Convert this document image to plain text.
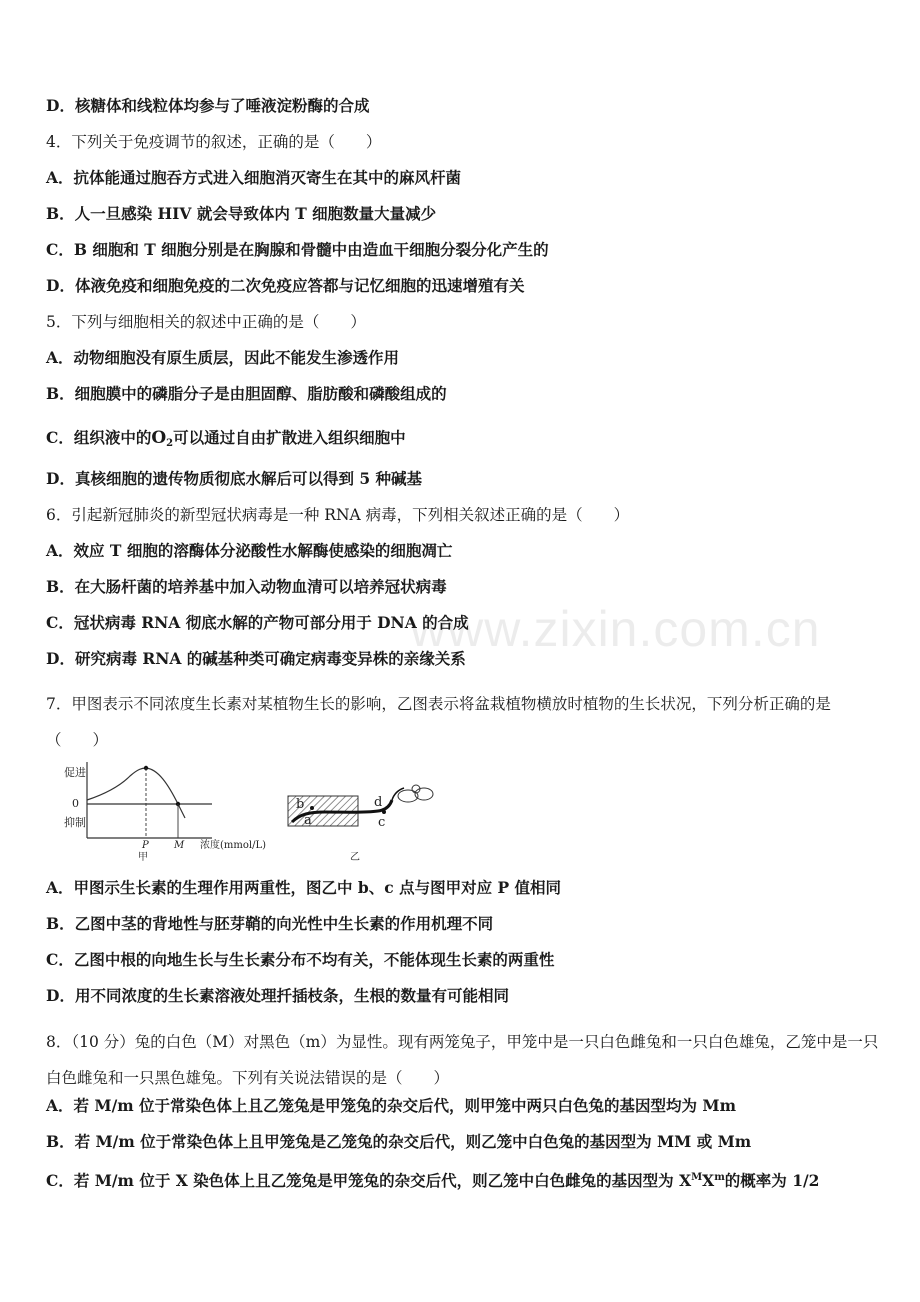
D．核糖体和线粒体均参与了唾液淀粉酶的合成
4．下列关于免疫调节的叙述，正确的是（　　）
A．抗体能通过胞吞方式进入细胞消灭寄生在其中的麻风杆菌
B．人一旦感染 HIV 就会导致体内 T 细胞数量大量减少
C．B 细胞和 T 细胞分别是在胸腺和骨髓中由造血干细胞分裂分化产生的
D．体液免疫和细胞免疫的二次免疫应答都与记忆细胞的迅速增殖有关
5．下列与细胞相关的叙述中正确的是（　　）
A．动物细胞没有原生质层，因此不能发生渗透作用
B．细胞膜中的磷脂分子是由胆固醇、脂肪酸和磷酸组成的
D．真核细胞的遗传物质彻底水解后可以得到 5 种碱基
6．引起新冠肺炎的新型冠状病毒是一种 RNA 病毒，下列相关叙述正确的是（　　）
A．效应 T 细胞的溶酶体分泌酸性水解酶使感染的细胞凋亡
B．在大肠杆菌的培养基中加入动物血清可以培养冠状病毒
C．冠状病毒 RNA 彻底水解的产物可部分用于 DNA 的合成
D．研究病毒 RNA 的碱基种类可确定病毒变异株的亲缘关系
A．甲图示生长素的生理作用两重性，图乙中 b、c 点与图甲对应 P 值相同
B．乙图中茎的背地性与胚芽鞘的向光性中生长素的作用机理不同
C．乙图中根的向地生长与生长素分布不均有关，不能体现生长素的两重性
D．用不同浓度的生长素溶液处理扦插枝条，生根的数量有可能相同
A．若 M/m 位于常染色体上且乙笼兔是甲笼兔的杂交后代，则甲笼中两只白色兔的基因型均为 Mm
B．若 M/m 位于常染色体上且甲笼兔是乙笼兔的杂交后代，则乙笼中白色兔的基因型为 MM 或 Mm
C．组织液中的$O_2$可以通过自由扩散进入组织细胞中
7．甲图表示不同浓度生长素对某植物生长的影响，乙图表示将盆栽植物横放时植物的生长状况，下列分析正确的是（　　）
促进
0
抑制
P	M 浓度(mmol/L)
甲
b
a	c
d
乙
8．（10 分）兔的白色（M）对黑色（m）为显性。现有两笼兔子，甲笼中是一只白色雌兔和一只白色雄兔，乙笼中是一只白色雌兔和一只黑色雄兔。下列有关说法错误的是（　　）
C．若 M/m 位于 X 染色体上且乙笼兔是甲笼兔的杂交后代，则乙笼中白色雌兔的基因型为 $X^MX^m$的概率为 1/2
www.zixin.com.cn
